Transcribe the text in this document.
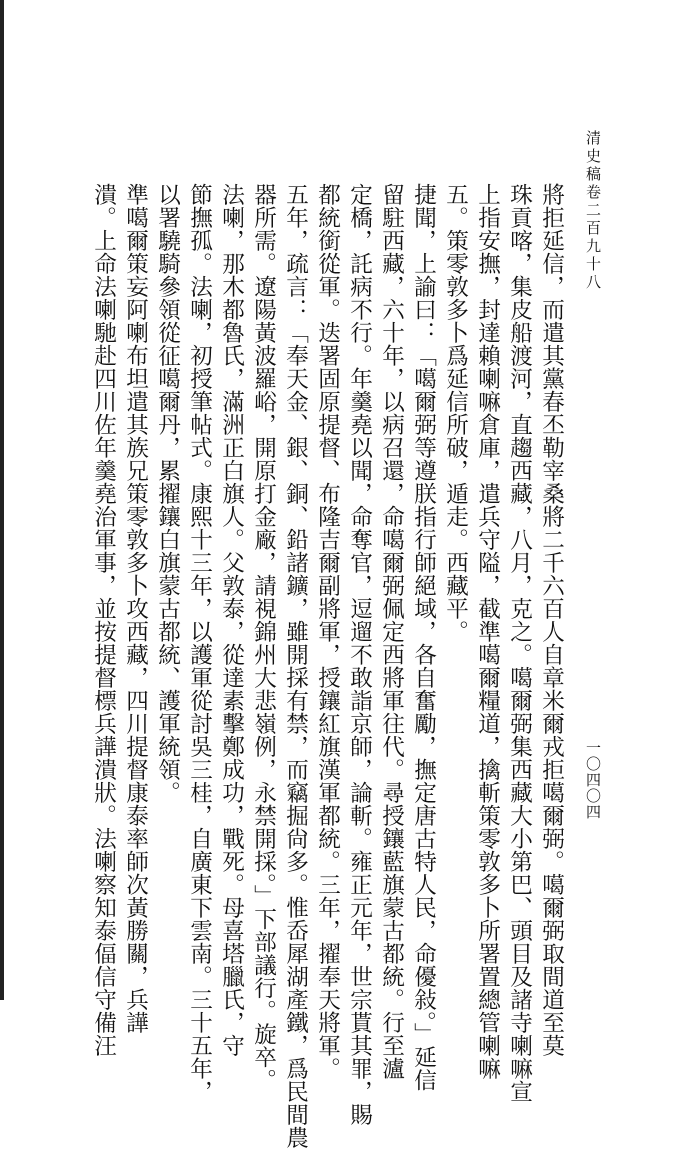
清史稿卷二百九十八
一〇四〇四
將拒延信，而遣其黨春丕勒宰桑將二千六百人自章米爾戎拒噶爾弼。噶爾弼取間道至莫
珠貢喀，集皮船渡河，直趨西藏，八月，克之。噶爾弼集西藏大小第巴、頭目及諸寺喇嘛宣
上指安撫，封達賴喇嘛倉庫，遣兵守隘，截準噶爾糧道，擒斬策零敦多卜所署置總管喇嘛
五。策零敦多卜爲延信所破，遁走。西藏平。
捷聞，上諭曰：「噶爾弼等遵朕指行師絕域，各自奮勵，撫定唐古特人民，命優敍。」延信
留駐西藏，六十年，以病召還，命噶爾弼佩定西將軍往代。尋授鑲藍旗蒙古都統。行至瀘
定橋，託病不行。年羹堯以聞，命奪官，逗遛不敢詣京師，論斬。雍正元年，世宗貰其罪，賜
都統銜從軍。迭署固原提督、布隆吉爾副將軍，授鑲紅旗漢軍都統。三年，擢奉天將軍。
五年，疏言：「奉天金、銀、銅、鉛諸鑛，雖開採有禁，而竊掘尙多。惟岙犀湖產鐵，爲民間農
器所需。遼陽黃波羅峪，開原打金廠，請視錦州大悲嶺例，永禁開採。」下部議行。旋卒。
法喇，那木都魯氏，滿洲正白旗人。父敦泰，從達素擊鄭成功，戰死。母喜塔臘氏，守
節撫孤。法喇，初授筆帖式。康熙十三年，以護軍從討吳三桂，自廣東下雲南。三十五年，
以署驍騎參領從征噶爾丹，累擢鑲白旗蒙古都統、護軍統領。
準噶爾策妄阿喇布坦遣其族兄策零敦多卜攻西藏，四川提督康泰率師次黃勝關，兵譁
潰。上命法喇馳赴四川佐年羹堯治軍事，並按提督標兵譁潰狀。法喇察知泰偪信守備汪
